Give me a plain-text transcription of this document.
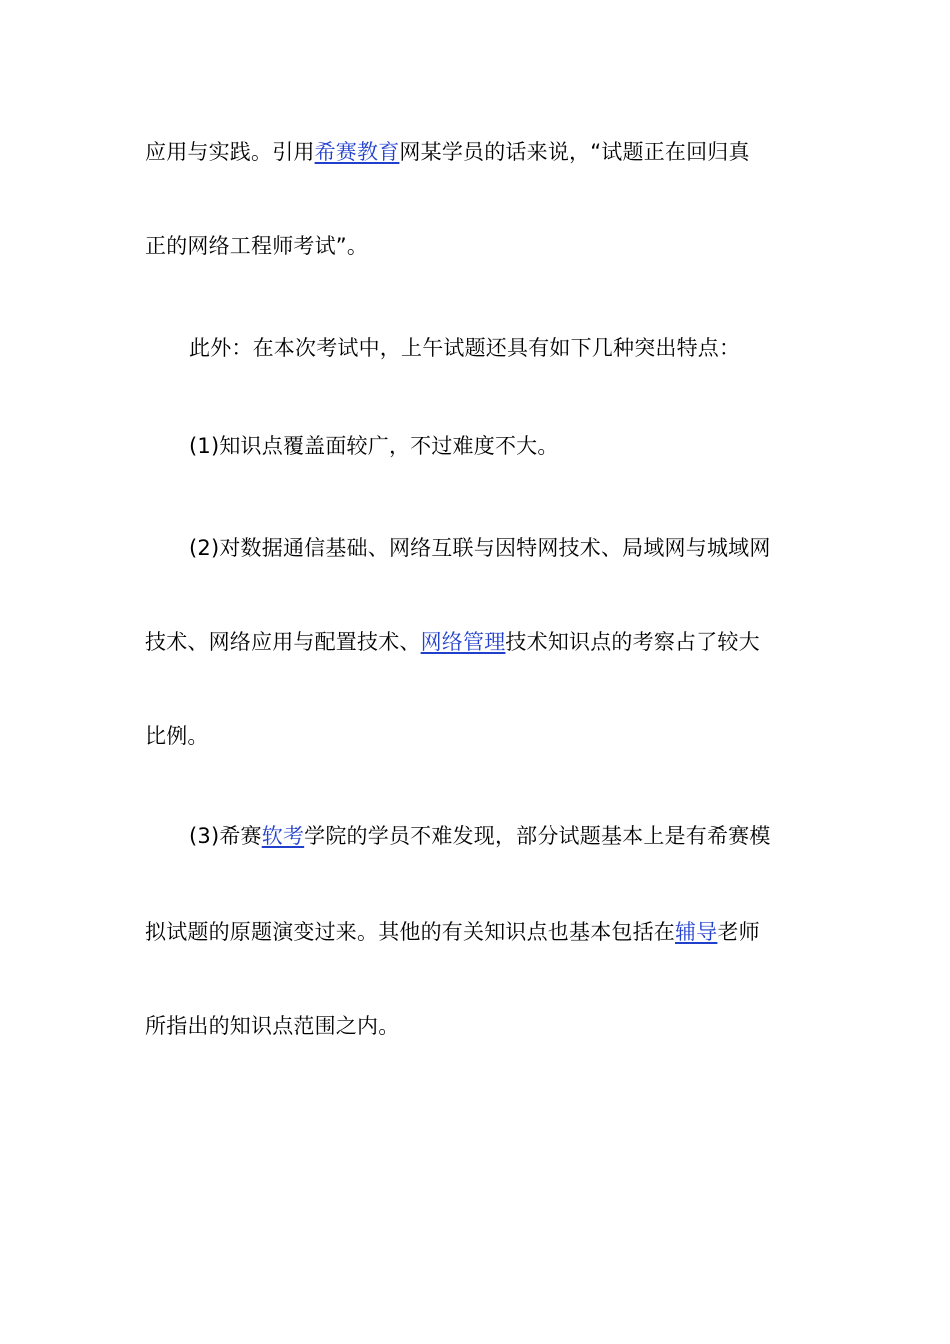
应用与实践。引用希赛教育网某学员的话来说，“试题正在回归真
正的网络工程师考试”。
此外：在本次考试中，上午试题还具有如下几种突出特点：
(1)知识点覆盖面较广，不过难度不大。
(2)对数据通信基础、网络互联与因特网技术、局域网与城域网
技术、网络应用与配置技术、网络管理技术知识点的考察占了较大
比例。
(3)希赛软考学院的学员不难发现，部分试题基本上是有希赛模
拟试题的原题演变过来。其他的有关知识点也基本包括在辅导老师
所指出的知识点范围之内。
